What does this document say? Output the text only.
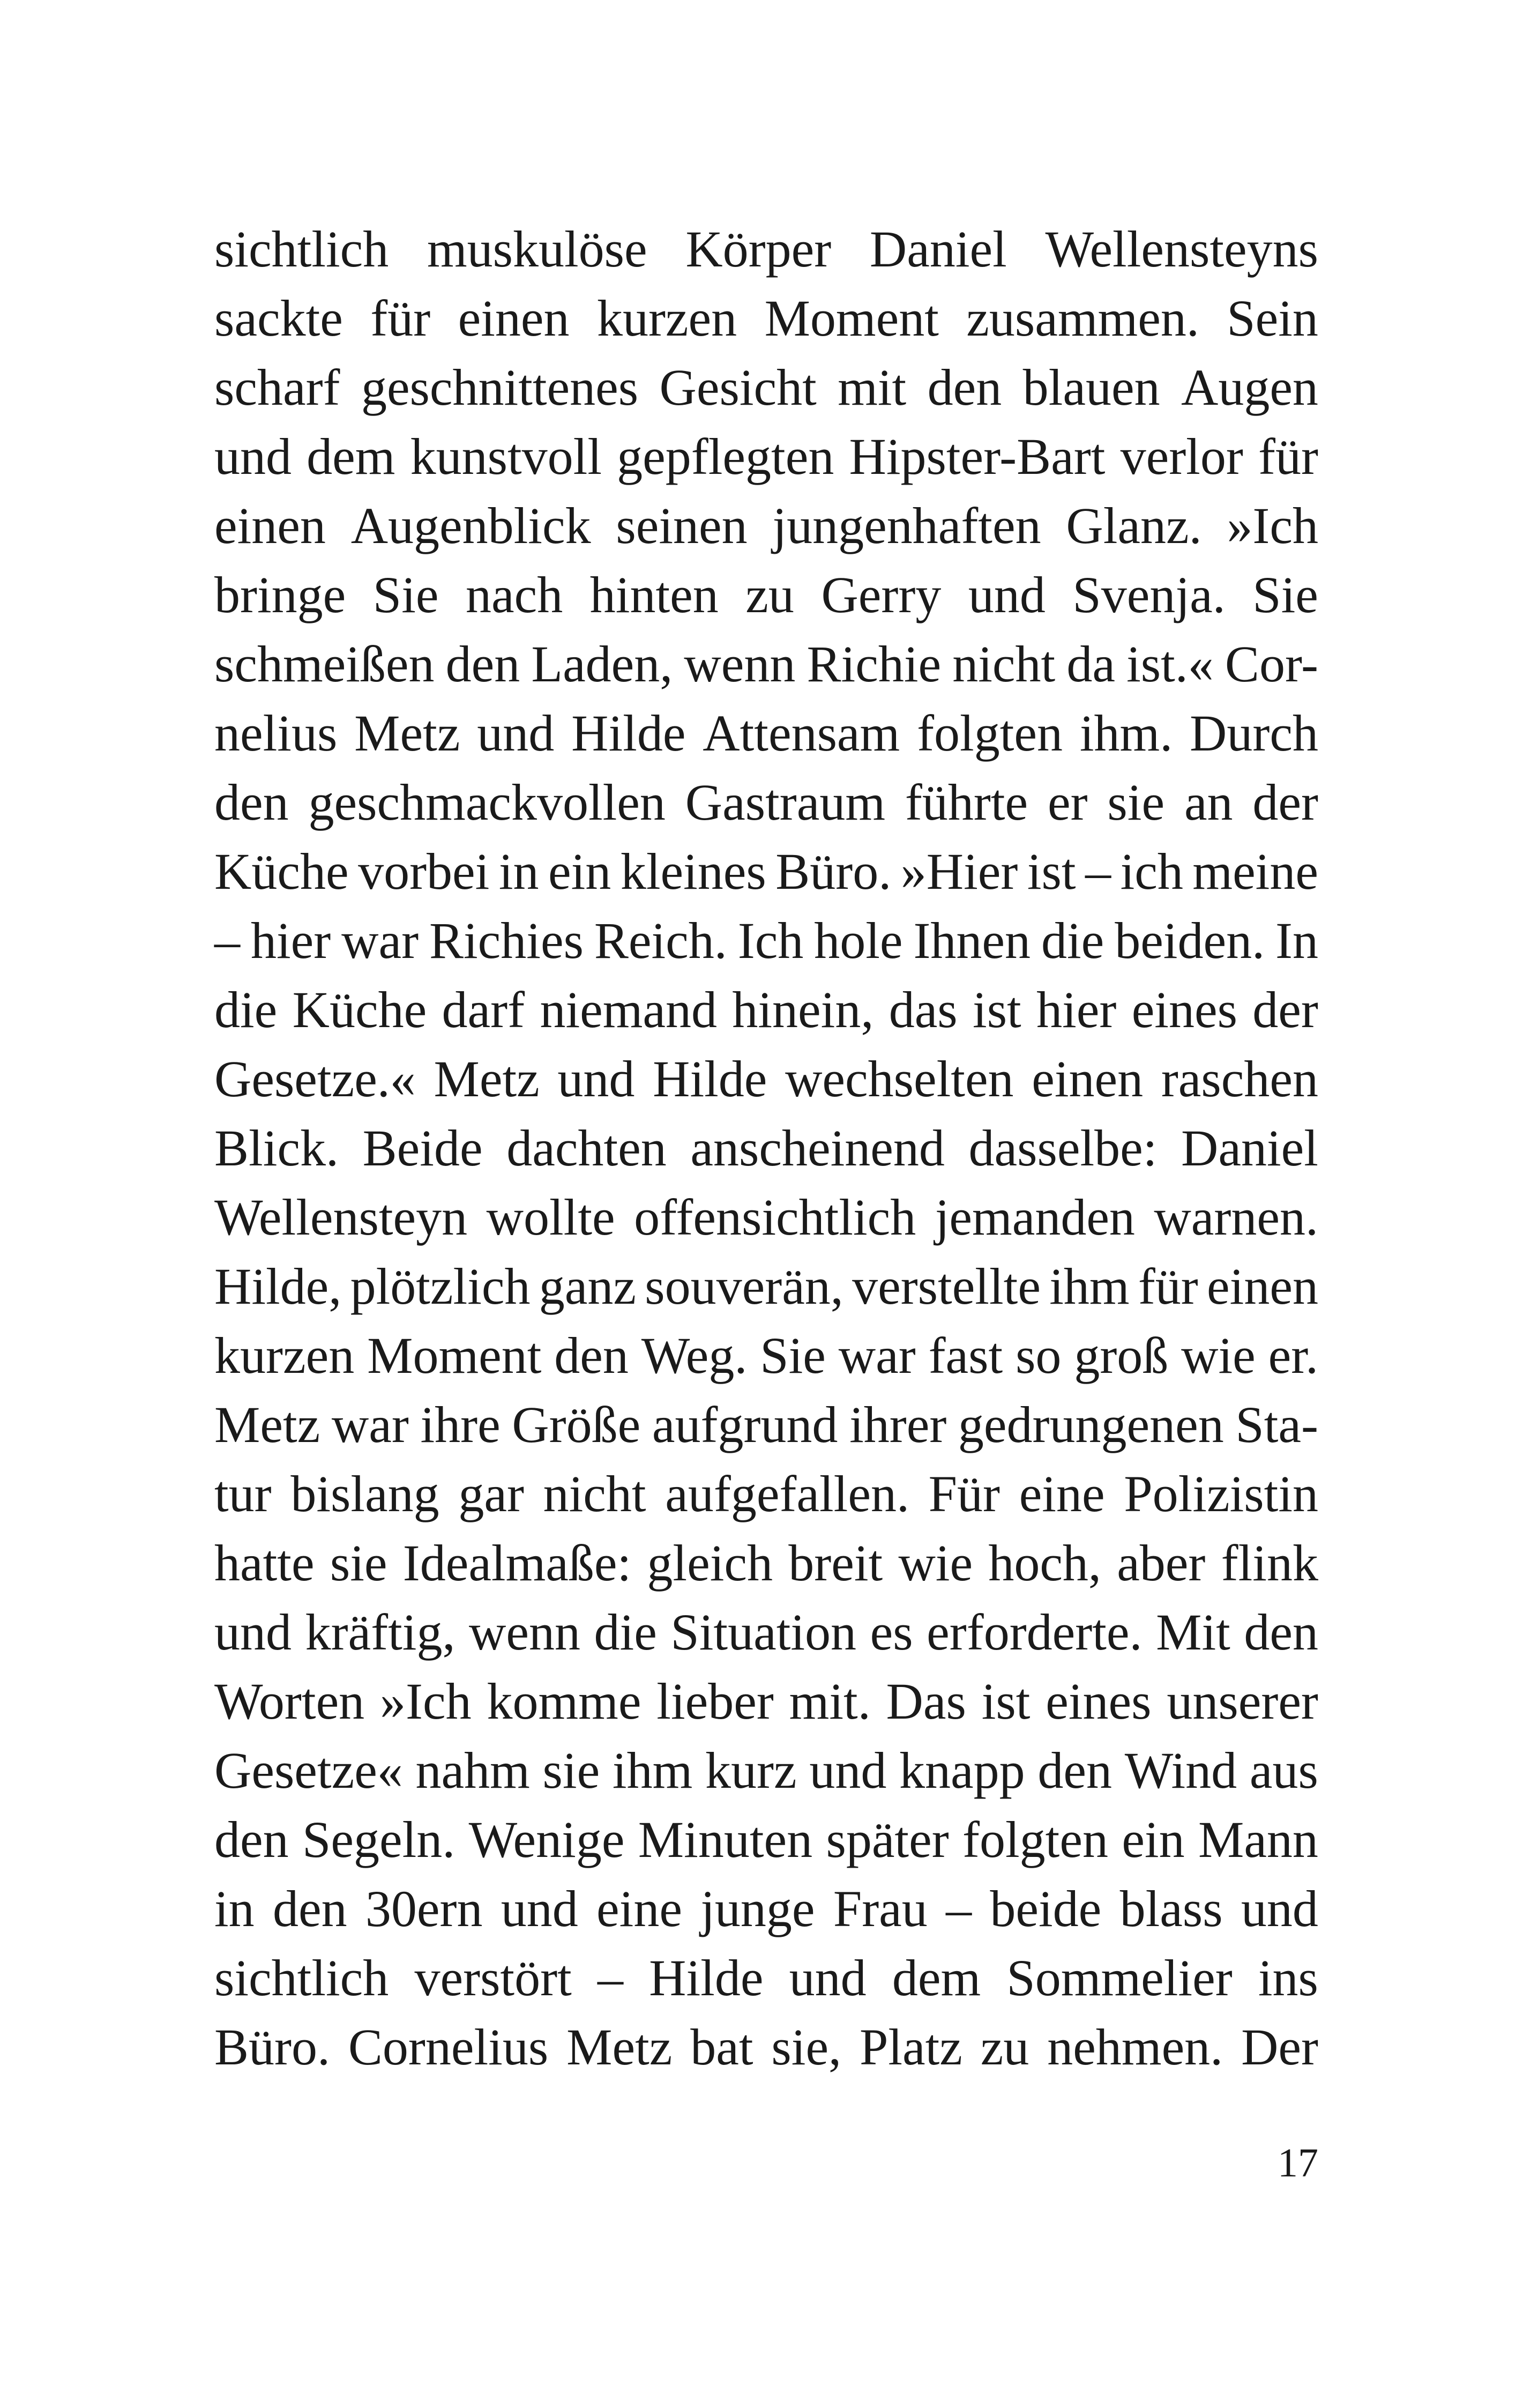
sichtlich muskulöse Körper Daniel Wellensteyns
sackte für einen kurzen Moment zusammen. Sein
scharf geschnittenes Gesicht mit den blauen Augen
und dem kunstvoll gepflegten Hipster-Bart verlor für
einen Augenblick seinen jungenhaften Glanz. »Ich
bringe Sie nach hinten zu Gerry und Svenja. Sie
schmeißen den Laden, wenn Richie nicht da ist.« Cor-
nelius Metz und Hilde Attensam folgten ihm. Durch
den geschmackvollen Gastraum führte er sie an der
Küche vorbei in ein kleines Büro. »Hier ist – ich meine
– hier war Richies Reich. Ich hole Ihnen die beiden. In
die Küche darf niemand hinein, das ist hier eines der
Gesetze.« Metz und Hilde wechselten einen raschen
Blick. Beide dachten anscheinend dasselbe: Daniel
Wellensteyn wollte offensichtlich jemanden warnen.
Hilde, plötzlich ganz souverän, verstellte ihm für einen
kurzen Moment den Weg. Sie war fast so groß wie er.
Metz war ihre Größe aufgrund ihrer gedrungenen Sta-
tur bislang gar nicht aufgefallen. Für eine Polizistin
hatte sie Idealmaße: gleich breit wie hoch, aber flink
und kräftig, wenn die Situation es erforderte. Mit den
Worten »Ich komme lieber mit. Das ist eines unserer
Gesetze« nahm sie ihm kurz und knapp den Wind aus
den Segeln. Wenige Minuten später folgten ein Mann
in den 30ern und eine junge Frau – beide blass und
sichtlich verstört – Hilde und dem Sommelier ins
Büro. Cornelius Metz bat sie, Platz zu nehmen. Der
17
